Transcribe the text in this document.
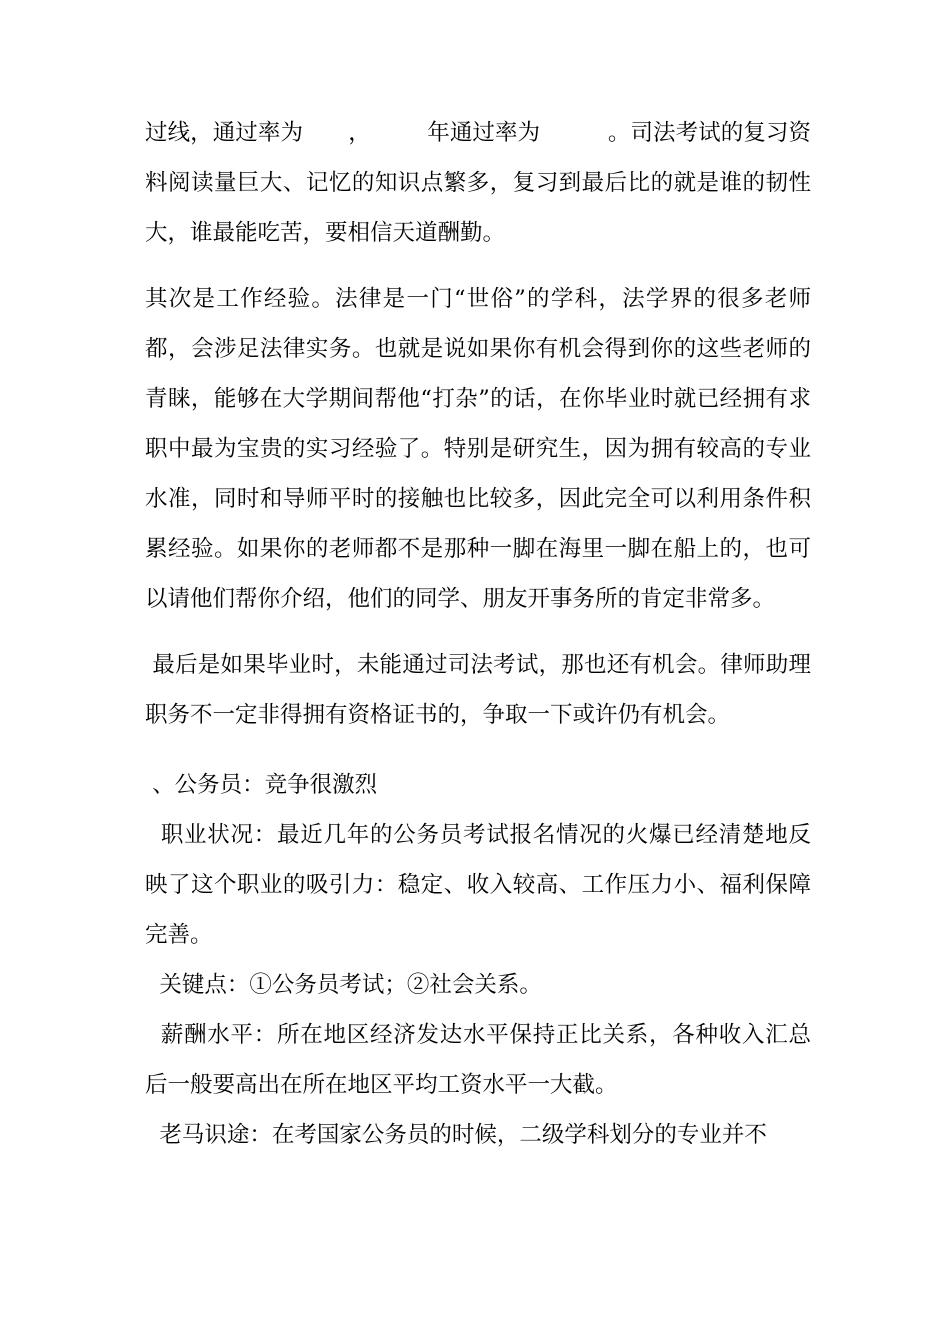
过线，通过率为　　，　　　年通过率为　　　。司法考试的复习资料阅读量巨大、记忆的知识点繁多，复习到最后比的就是谁的韧性大，谁最能吃苦，要相信天道酬勤。

其次是工作经验。法律是一门“世俗”的学科，法学界的很多老师都，会涉足法律实务。也就是说如果你有机会得到你的这些老师的青睐，能够在大学期间帮他“打杂”的话，在你毕业时就已经拥有求职中最为宝贵的实习经验了。特别是研究生，因为拥有较高的专业水准，同时和导师平时的接触也比较多，因此完全可以利用条件积累经验。如果你的老师都不是那种一脚在海里一脚在船上的，也可以请他们帮你介绍，他们的同学、朋友开事务所的肯定非常多。

最后是如果毕业时，未能通过司法考试，那也还有机会。律师助理职务不一定非得拥有资格证书的，争取一下或许仍有机会。

、公务员：竞争很激烈

职业状况：最近几年的公务员考试报名情况的火爆已经清楚地反映了这个职业的吸引力：稳定、收入较高、工作压力小、福利保障完善。

关键点：①公务员考试；②社会关系。

薪酬水平：所在地区经济发达水平保持正比关系，各种收入汇总后一般要高出在所在地区平均工资水平一大截。

老马识途：在考国家公务员的时候，二级学科划分的专业并不
